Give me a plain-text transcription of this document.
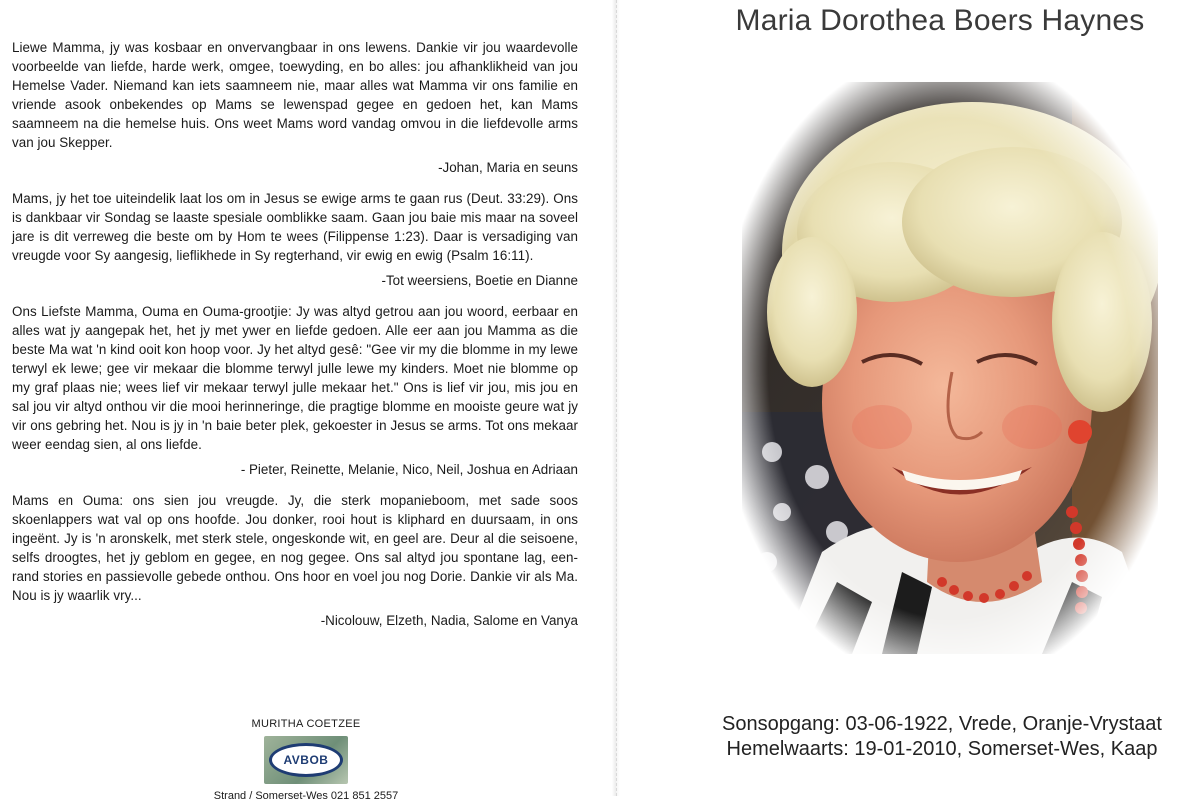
Liewe Mamma, jy was kosbaar en onvervangbaar in ons lewens. Dankie vir jou waardevolle voorbeelde van liefde, harde werk, omgee, toewyding, en bo alles: jou afhanklikheid van jou Hemelse Vader. Niemand kan iets saamneem nie, maar alles wat Mamma vir ons familie en vriende asook onbekendes op Mams se lewenspad gegee en gedoen het, kan Mams saamneem na die hemelse huis. Ons weet Mams word vandag omvou in die liefdevolle arms van jou Skepper.

-Johan, Maria en seuns

Mams, jy het toe uiteindelik laat los om in Jesus se ewige arms te gaan rus (Deut. 33:29). Ons is dankbaar vir Sondag se laaste spesiale oomblikke saam. Gaan jou baie mis maar na soveel jare is dit verreweg die beste om by Hom te wees (Filippense 1:23). Daar is versadiging van vreugde voor Sy aangesig, lieflikhede in Sy regterhand, vir ewig en ewig (Psalm 16:11).

-Tot weersiens, Boetie en Dianne

Ons Liefste Mamma, Ouma en Ouma-grootjie: Jy was altyd getrou aan jou woord, eerbaar en alles wat jy aangepak het, het jy met ywer en liefde gedoen. Alle eer aan jou Mamma as die beste Ma wat 'n kind ooit kon hoop voor. Jy het altyd gesê: "Gee vir my die blomme in my lewe terwyl ek lewe; gee vir mekaar die blomme terwyl julle lewe my kinders. Moet nie blomme op my graf plaas nie; wees lief vir mekaar terwyl julle mekaar het." Ons is lief vir jou, mis jou en sal jou vir altyd onthou vir die mooi herinneringe, die pragtige blomme en mooiste geure wat jy vir ons gebring het. Nou is jy in 'n baie beter plek, gekoester in Jesus se arms. Tot ons mekaar weer eendag sien, al ons liefde.

- Pieter, Reinette, Melanie, Nico, Neil, Joshua en Adriaan

Mams en Ouma: ons sien jou vreugde. Jy, die sterk mopanieboom, met sade soos skoenlappers wat val op ons hoofde. Jou donker, rooi hout is kliphard en duursaam, in ons ingeënt. Jy is 'n aronskelk, met sterk stele, ongeskonde wit, en geel are. Deur al die seisoene, selfs droogtes, het jy geblom en gegee, en nog gegee. Ons sal altyd jou spontane lag, een-rand stories en passievolle gebede onthou. Ons hoor en voel jou nog Dorie. Dankie vir als Ma. Nou is jy waarlik vry...

-Nicolouw, Elzeth, Nadia, Salome en Vanya

MURITHA COETZEE
AVBOB
Strand / Somerset-Wes 021 851 2557
Maria Dorothea Boers Haynes
Sonsopgang: 03-06-1922, Vrede, Oranje-Vrystaat
Hemelwaarts: 19-01-2010, Somerset-Wes, Kaap
